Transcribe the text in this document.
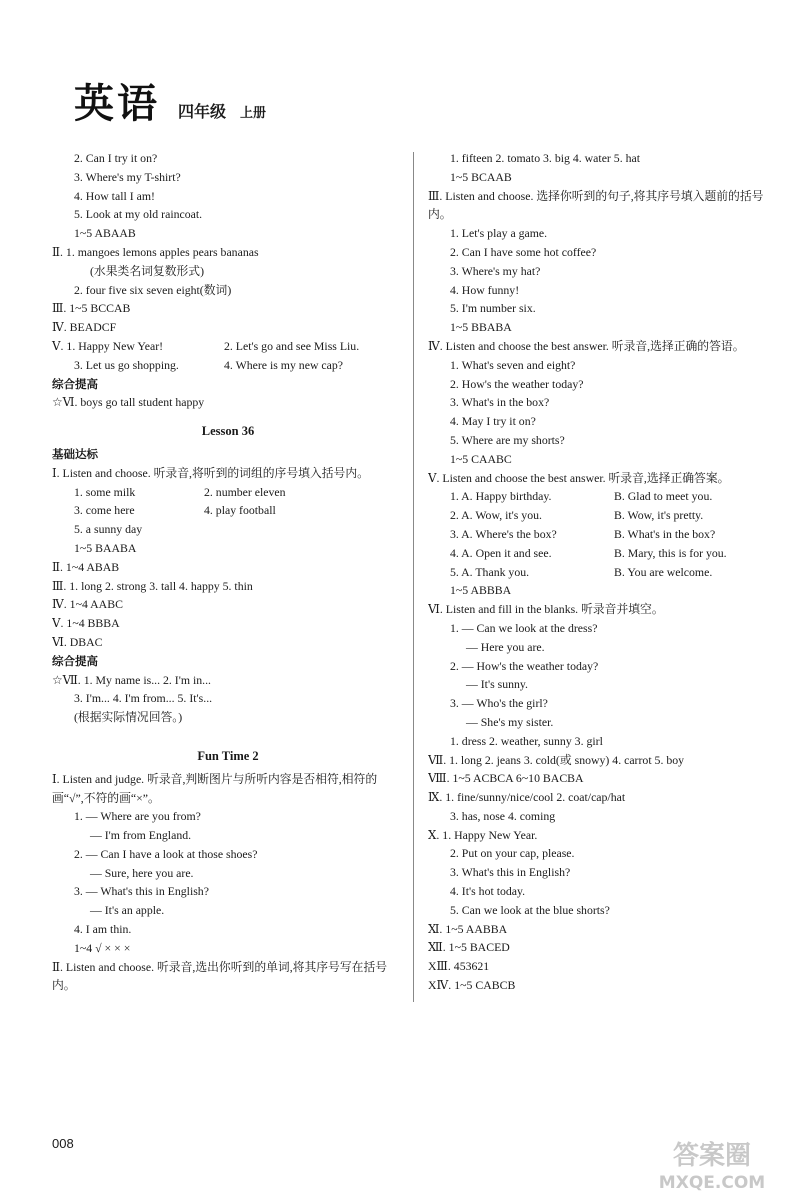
英语 四年级 上册
2. Can I try it on?
3. Where's my T-shirt?
4. How tall I am!
5. Look at my old raincoat.
1~5 ABAAB
Ⅱ. 1. mangoes lemons apples pears bananas
(水果类名词复数形式)
2. four five six seven eight(数词)
Ⅲ. 1~5 BCCAB
Ⅳ. BEADCF
Ⅴ. 1. Happy New Year!	2. Let's go and see Miss Liu.
3. Let us go shopping.	4. Where is my new cap?
综合提高
☆Ⅵ. boys go tall student happy
Lesson 36
基础达标
Ⅰ. Listen and choose. 听录音,将听到的词组的序号填入括号内。
1. some milk	2. number eleven
3. come here	4. play football
5. a sunny day
1~5 BAABA
Ⅱ. 1~4 ABAB
Ⅲ. 1. long 2. strong 3. tall 4. happy 5. thin
Ⅳ. 1~4 AABC
Ⅴ. 1~4 BBBA
Ⅵ. DBAC
综合提高
☆Ⅶ. 1. My name is... 2. I'm in...
3. I'm... 4. I'm from... 5. It's...
(根据实际情况回答。)
Fun Time 2
Ⅰ. Listen and judge. 听录音,判断图片与所听内容是否相符,相符的画“√”,不符的画“×”。
1. — Where are you from?
— I'm from England.
2. — Can I have a look at those shoes?
— Sure, here you are.
3. — What's this in English?
— It's an apple.
4. I am thin.
1~4 √ × × ×
Ⅱ. Listen and choose. 听录音,选出你听到的单词,将其序号写在括号内。
1. fifteen 2. tomato 3. big 4. water 5. hat
1~5 BCAAB
Ⅲ. Listen and choose. 选择你听到的句子,将其序号填入题前的括号内。
1. Let's play a game.
2. Can I have some hot coffee?
3. Where's my hat?
4. How funny!
5. I'm number six.
1~5 BBABA
Ⅳ. Listen and choose the best answer. 听录音,选择正确的答语。
1. What's seven and eight?
2. How's the weather today?
3. What's in the box?
4. May I try it on?
5. Where are my shorts?
1~5 CAABC
Ⅴ. Listen and choose the best answer. 听录音,选择正确答案。
1. A. Happy birthday.	B. Glad to meet you.
2. A. Wow, it's you.	B. Wow, it's pretty.
3. A. Where's the box?	B. What's in the box?
4. A. Open it and see.	B. Mary, this is for you.
5. A. Thank you.	B. You are welcome.
1~5 ABBBA
Ⅵ. Listen and fill in the blanks. 听录音并填空。
1. — Can we look at the dress?
— Here you are.
2. — How's the weather today?
— It's sunny.
3. — Who's the girl?
— She's my sister.
1. dress 2. weather, sunny 3. girl
Ⅶ. 1. long 2. jeans 3. cold(或 snowy) 4. carrot 5. boy
Ⅷ. 1~5 ACBCA 6~10 BACBA
Ⅸ. 1. fine/sunny/nice/cool 2. coat/cap/hat
3. has, nose 4. coming
Ⅹ. 1. Happy New Year.
2. Put on your cap, please.
3. What's this in English?
4. It's hot today.
5. Can we look at the blue shorts?
Ⅺ. 1~5 AABBA
Ⅻ. 1~5 BACED
XⅢ. 453621
XⅣ. 1~5 CABCB
008	答案圈
MXQE.COM
